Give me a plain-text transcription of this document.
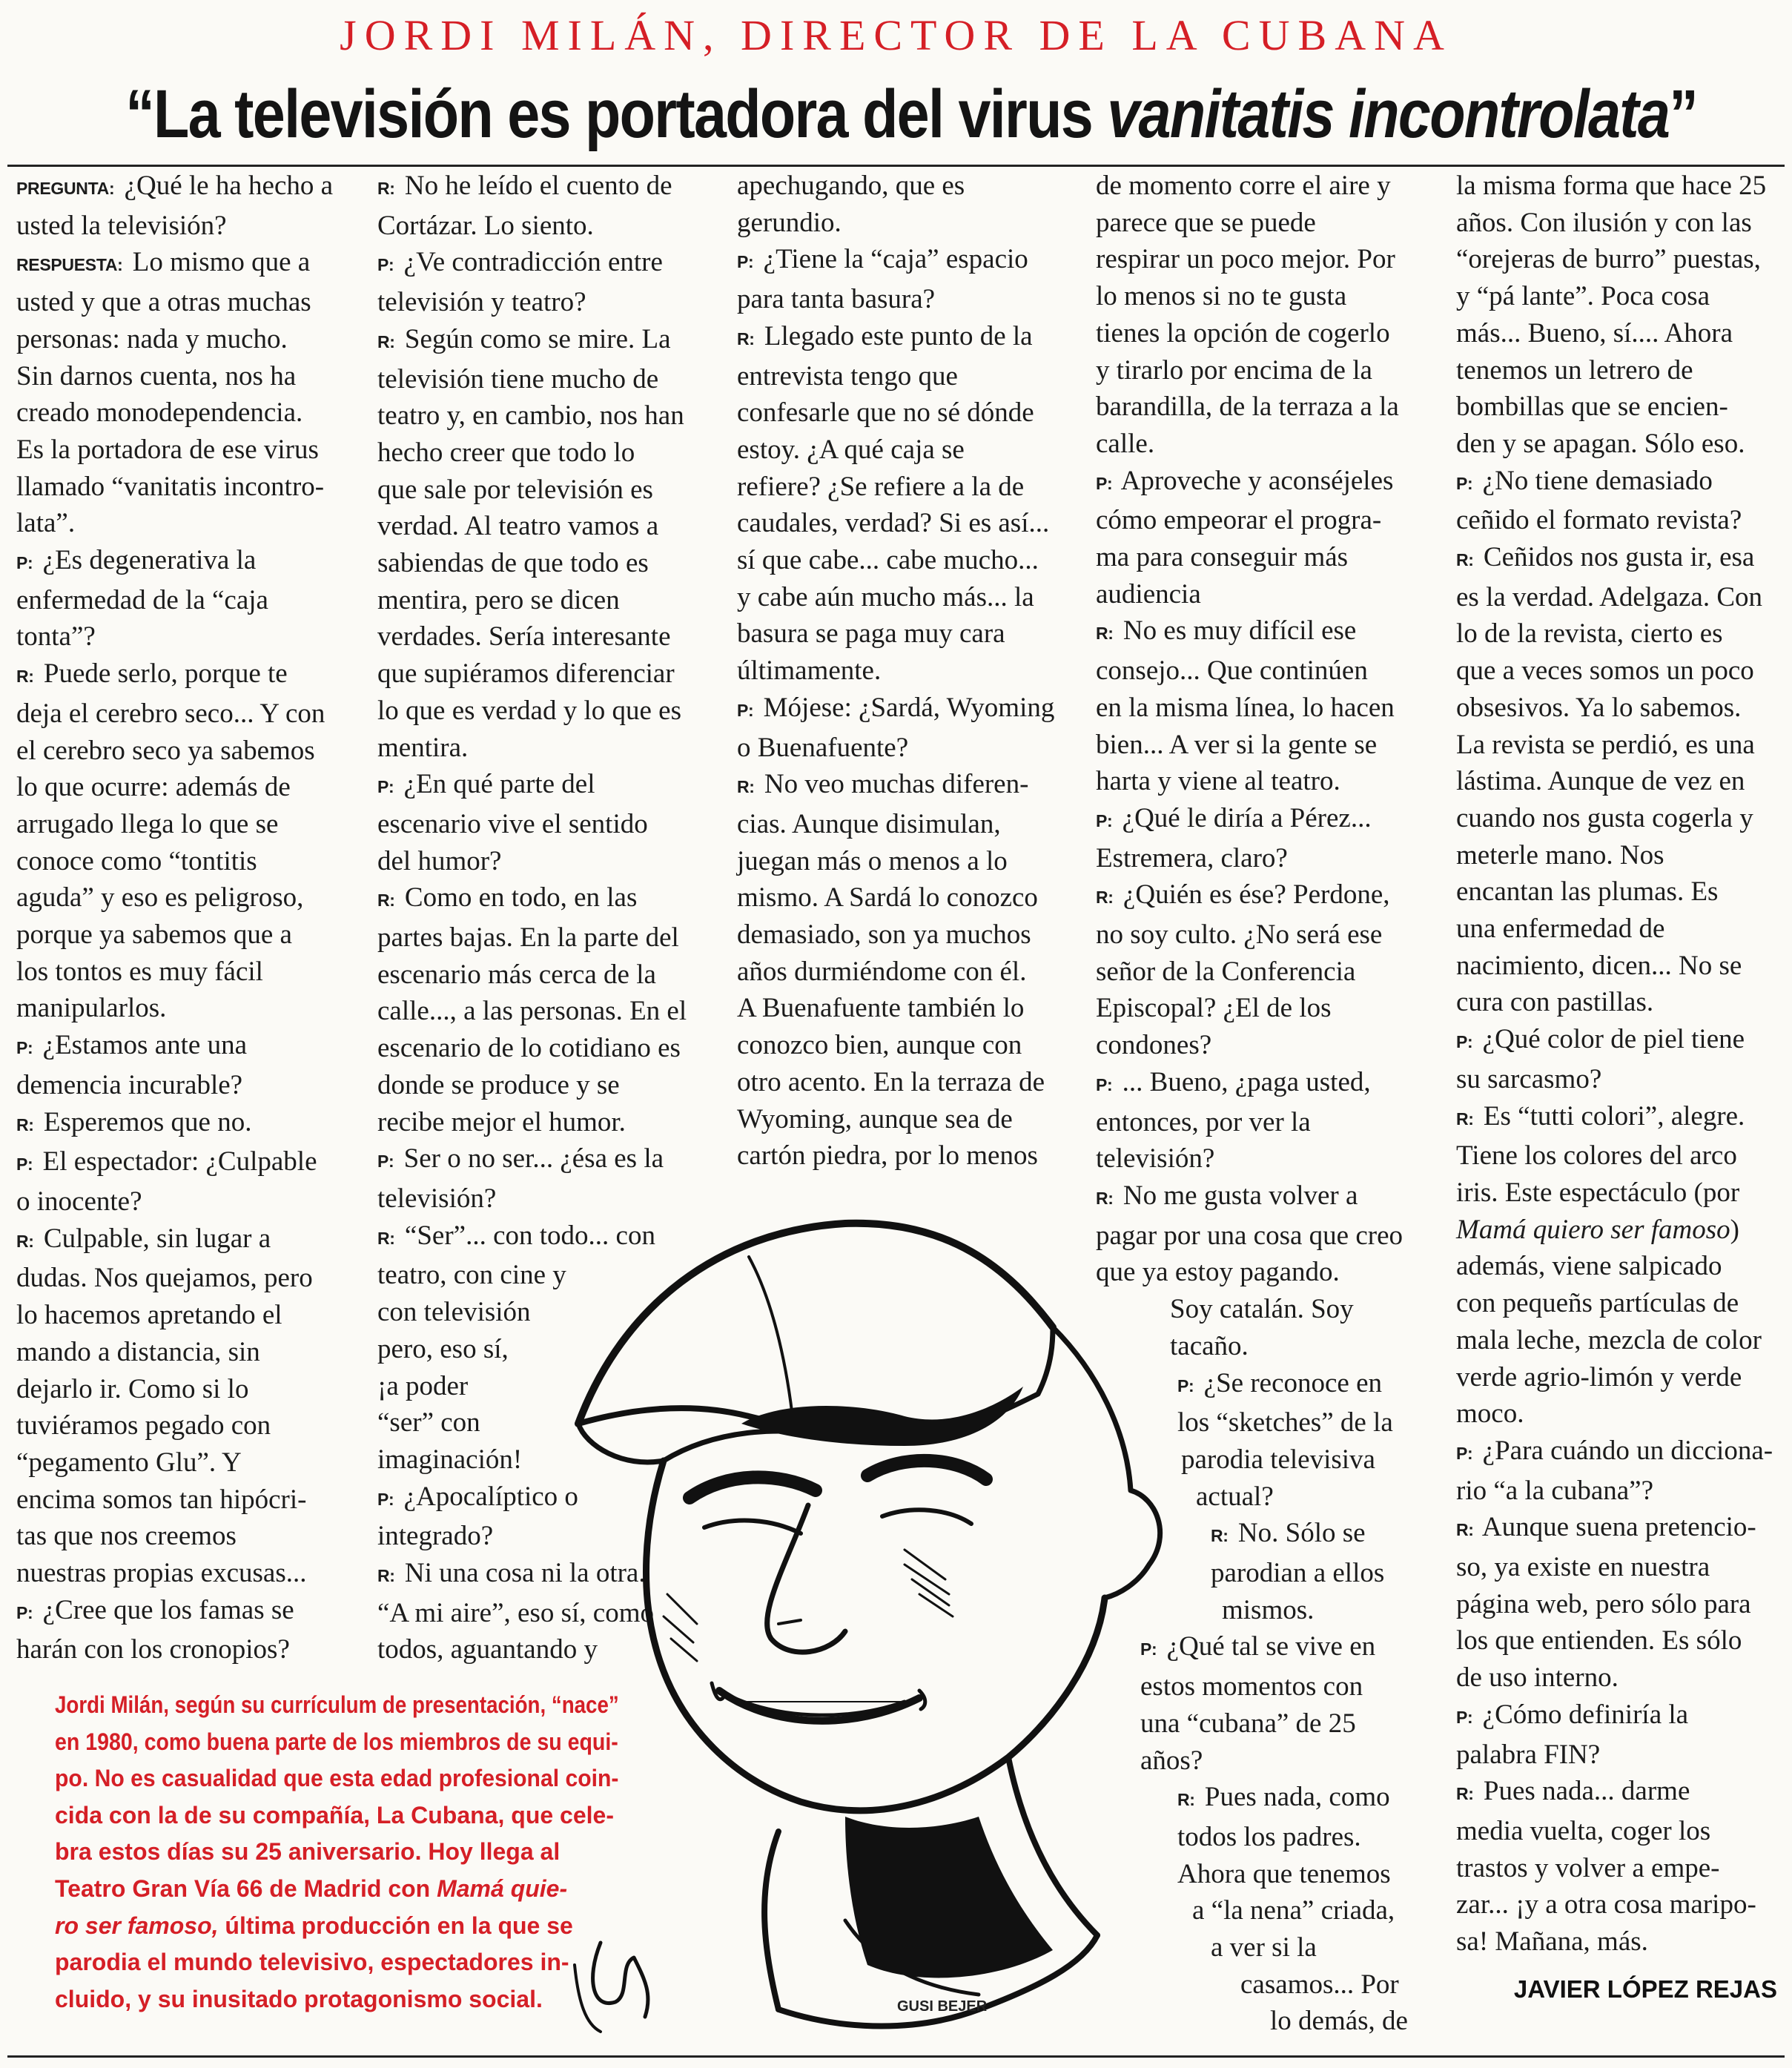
JORDI MILÁN, DIRECTOR DE LA CUBANA
“La televisión es portadora del virus vanitatis incontrolata”

PREGUNTA: ¿Qué le ha hecho a

usted la televisión?

RESPUESTA: Lo mismo que a

usted y que a otras muchas

personas: nada y mucho.

Sin darnos cuenta, nos ha

creado monodependencia.

Es la portadora de ese virus

llamado “vanitatis incontro-

lata”.

P: ¿Es degenerativa la

enfermedad de la “caja

tonta”?

R: Puede serlo, porque te

deja el cerebro seco... Y con

el cerebro seco ya sabemos

lo que ocurre: además de

arrugado llega lo que se

conoce como “tontitis

aguda” y eso es peligroso,

porque ya sabemos que a

los tontos es muy fácil

manipularlos.

P: ¿Estamos ante una

demencia incurable?

R: Esperemos que no.

P: El espectador: ¿Culpable

o inocente?

R: Culpable, sin lugar a

dudas. Nos quejamos, pero

lo hacemos apretando el

mando a distancia, sin

dejarlo ir. Como si lo

tuviéramos pegado con

“pegamento Glu”. Y

encima somos tan hipócri-

tas que nos creemos

nuestras propias excusas...

P: ¿Cree que los famas se

harán con los cronopios?

R: No he leído el cuento de

Cortázar. Lo siento.

P: ¿Ve contradicción entre

televisión y teatro?

R: Según como se mire. La

televisión tiene mucho de

teatro y, en cambio, nos han

hecho creer que todo lo

que sale por televisión es

verdad. Al teatro vamos a

sabiendas de que todo es

mentira, pero se dicen

verdades. Sería interesante

que supiéramos diferenciar

lo que es verdad y lo que es

mentira.

P: ¿En qué parte del

escenario vive el sentido

del humor?

R: Como en todo, en las

partes bajas. En la parte del

escenario más cerca de la

calle..., a las personas. En el

escenario de lo cotidiano es

donde se produce y se

recibe mejor el humor.

P: Ser o no ser... ¿ésa es la

televisión?

R: “Ser”... con todo... con

teatro, con cine y

con televisión

pero, eso sí,

¡a poder

“ser” con

imaginación!

P: ¿Apocalíptico o

integrado?

R: Ni una cosa ni la otra.

“A mi aire”, eso sí, como

todos, aguantando y

apechugando, que es

gerundio.

P: ¿Tiene la “caja” espacio

para tanta basura?

R: Llegado este punto de la

entrevista tengo que

confesarle que no sé dónde

estoy. ¿A qué caja se

refiere? ¿Se refiere a la de

caudales, verdad? Si es así...

sí que cabe... cabe mucho...

y cabe aún mucho más... la

basura se paga muy cara

últimamente.

P: Mójese: ¿Sardá, Wyoming

o Buenafuente?

R: No veo muchas diferen-

cias. Aunque disimulan,

juegan más o menos a lo

mismo. A Sardá lo conozco

demasiado, son ya muchos

años durmiéndome con él.

A Buenafuente también lo

conozco bien, aunque con

otro acento. En la terraza de

Wyoming, aunque sea de

cartón piedra, por lo menos

de momento corre el aire y

parece que se puede

respirar un poco mejor. Por

lo menos si no te gusta

tienes la opción de cogerlo

y tirarlo por encima de la

barandilla, de la terraza a la

calle.

P: Aproveche y aconséjeles

cómo empeorar el progra-

ma para conseguir más

audiencia

R: No es muy difícil ese

consejo... Que continúen

en la misma línea, lo hacen

bien... A ver si la gente se

harta y viene al teatro.

P: ¿Qué le diría a Pérez...

Estremera, claro?

R: ¿Quién es ése? Perdone,

no soy culto. ¿No será ese

señor de la Conferencia

Episcopal? ¿El de los

condones?

P: ... Bueno, ¿paga usted,

entonces, por ver la

televisión?

R: No me gusta volver a

pagar por una cosa que creo

que ya estoy pagando.

Soy catalán. Soy

tacaño.

P: ¿Se reconoce en

los “sketches” de la

parodia televisiva

actual?

R: No. Sólo se

parodian a ellos

mismos.

P: ¿Qué tal se vive en

estos momentos con

una “cubana” de 25

años?

R: Pues nada, como

todos los padres.

Ahora que tenemos

a “la nena” criada,

a ver si la

casamos... Por

lo demás, de

la misma forma que hace 25

años. Con ilusión y con las

“orejeras de burro” puestas,

y “pá lante”. Poca cosa

más... Bueno, sí.... Ahora

tenemos un letrero de

bombillas que se encien-

den y se apagan. Sólo eso.

P: ¿No tiene demasiado

ceñido el formato revista?

R: Ceñidos nos gusta ir, esa

es la verdad. Adelgaza. Con

lo de la revista, cierto es

que a veces somos un poco

obsesivos. Ya lo sabemos.

La revista se perdió, es una

lástima. Aunque de vez en

cuando nos gusta cogerla y

meterle mano. Nos

encantan las plumas. Es

una enfermedad de

nacimiento, dicen... No se

cura con pastillas.

P: ¿Qué color de piel tiene

su sarcasmo?

R: Es “tutti colori”, alegre.

Tiene los colores del arco

iris. Este espectáculo (por

Mamá quiero ser famoso)

además, viene salpicado

con pequeñs partículas de

mala leche, mezcla de color

verde agrio-limón y verde

moco.

P: ¿Para cuándo un dicciona-

rio “a la cubana”?

R: Aunque suena pretencio-

so, ya existe en nuestra

página web, pero sólo para

los que entienden. Es sólo

de uso interno.

P: ¿Cómo definiría la

palabra FIN?

R: Pues nada... darme

media vuelta, coger los

trastos y volver a empe-

zar... ¡y a otra cosa maripo-

sa! Mañana, más.

Jordi Milán, según su currículum de presentación, “nace”

en 1980, como buena parte de los miembros de su equi-

po. No es casualidad que esta edad profesional coin-

cida con la de su compañía, La Cubana, que cele-

bra estos días su 25 aniversario. Hoy llega al

Teatro Gran Vía 66 de Madrid con Mamá quie-

ro ser famoso, última producción en la que se

parodia el mundo televisivo, espectadores in-

cluido, y su inusitado protagonismo social.	GUSI BEJER
JAVIER LÓPEZ REJAS
